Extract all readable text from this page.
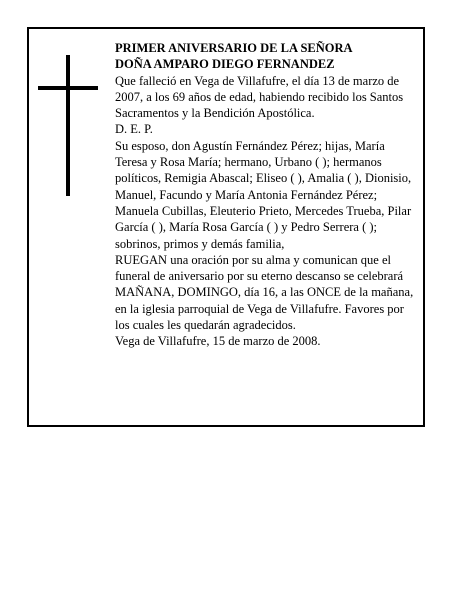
PRIMER ANIVERSARIO DE LA SEÑORA
DOÑA AMPARO DIEGO FERNANDEZ
Que falleció en Vega de Villafufre, el día 13 de marzo de 2007, a los 69 años de edad, habiendo recibido los Santos Sacramentos y la Bendición Apostólica.
D. E. P.
Su esposo, don Agustín Fernández Pérez; hijas, María Teresa y Rosa María; hermano, Urbano ( ); hermanos políticos, Remigia Abascal; Eliseo ( ), Amalia ( ), Dionisio, Manuel, Facundo y María Antonia Fernández Pérez; Manuela Cubillas, Eleuterio Prieto, Mercedes Trueba, Pilar García ( ), María Rosa García ( ) y Pedro Serrera ( ); sobrinos, primos y demás familia,
RUEGAN una oración por su alma y comunican que el funeral de aniversario por su eterno descanso se celebrará MAÑANA, DOMINGO, día 16, a las ONCE de la mañana, en la iglesia parroquial de Vega de Villafufre. Favores por los cuales les quedarán agradecidos.
Vega de Villafufre, 15 de marzo de 2008.
